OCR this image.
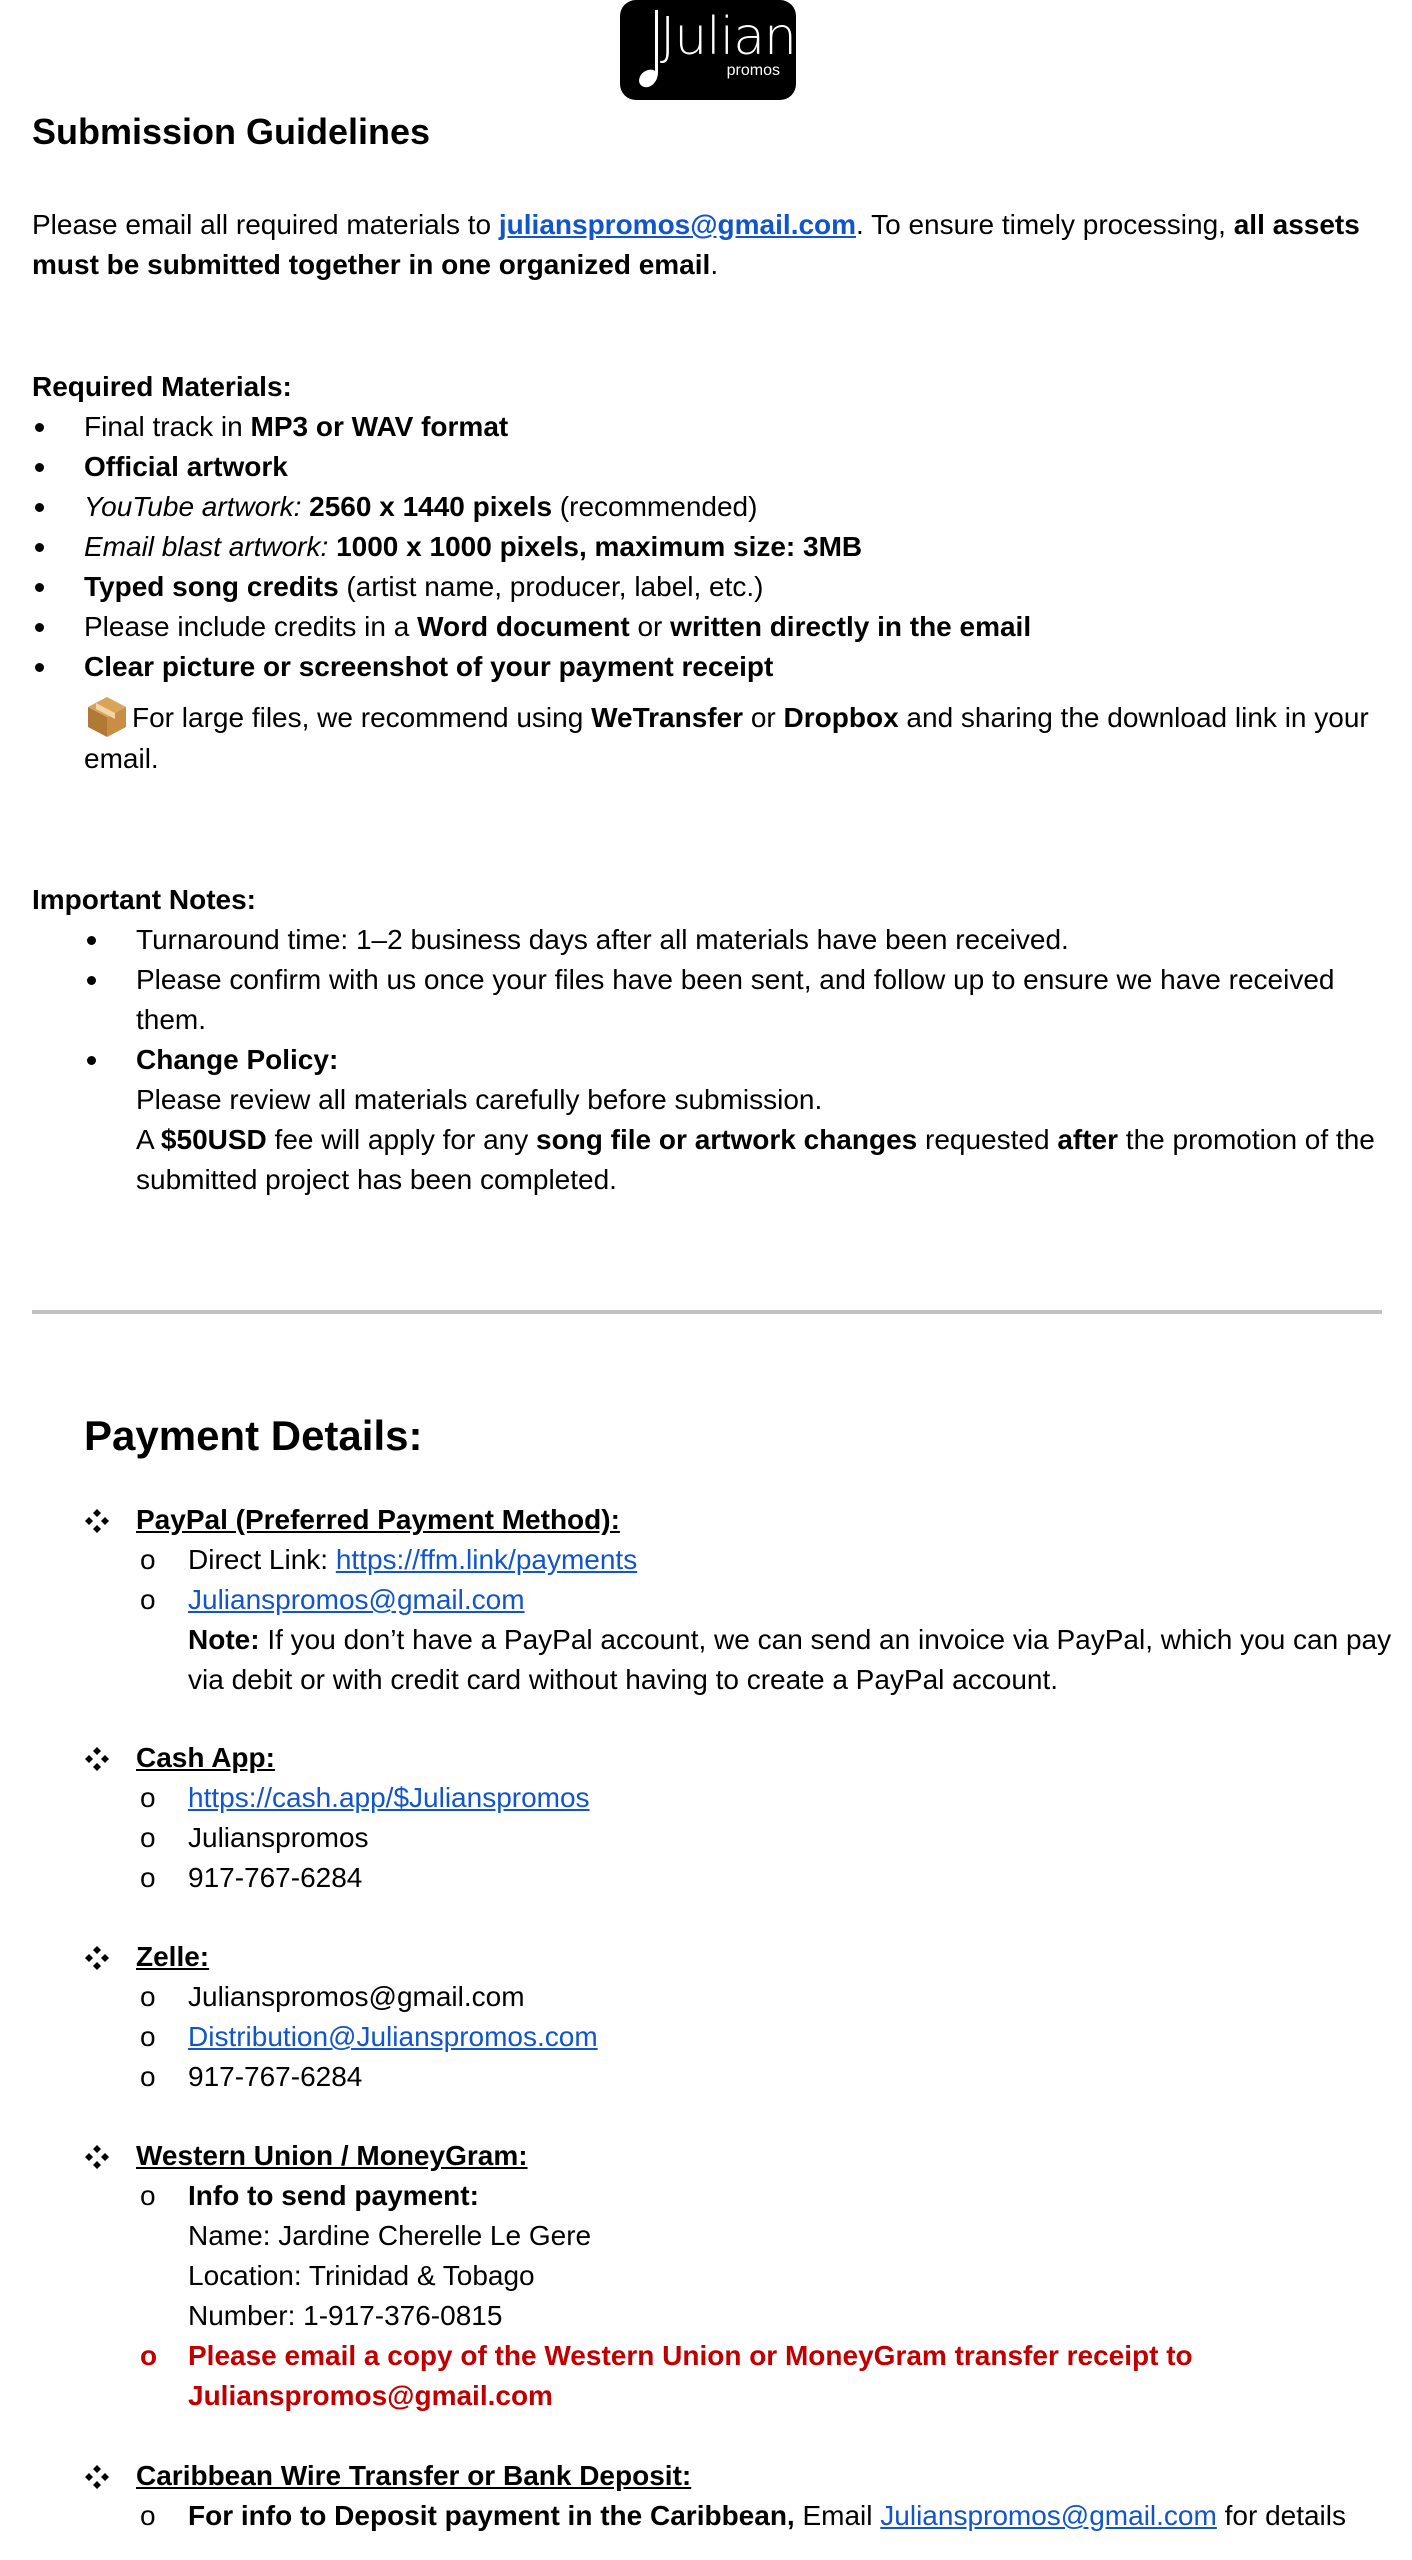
Julians
promos
Submission Guidelines
Please email all required materials to julianspromos@gmail.com. To ensure timely processing, all assets must be submitted together in one organized email.
Required Materials:
Final track in MP3 or WAV format
Official artwork
YouTube artwork: 2560 x 1440 pixels (recommended)
Email blast artwork: 1000 x 1000 pixels, maximum size: 3MB
Typed song credits (artist name, producer, label, etc.)
Please include credits in a Word document or written directly in the email
Clear picture or screenshot of your payment receipt
For large files, we recommend using WeTransfer or Dropbox and sharing the download link in your email.
Important Notes:
Turnaround time: 1–2 business days after all materials have been received.
Please confirm with us once your files have been sent, and follow up to ensure we have received them.
Change Policy:
Please review all materials carefully before submission.
A $50USD fee will apply for any song file or artwork changes requested after the promotion of the submitted project has been completed.
Payment Details:
PayPal (Preferred Payment Method):
o Direct Link: https://ffm.link/payments
o Julianspromos@gmail.com
Note: If you don’t have a PayPal account, we can send an invoice via PayPal, which you can pay via debit or with credit card without having to create a PayPal account.
Cash App:
o https://cash.app/$Julianspromos
o Julianspromos
o 917-767-6284
Zelle:
o Julianspromos@gmail.com
o Distribution@Julianspromos.com
o 917-767-6284
Western Union / MoneyGram:
o Info to send payment:
Name: Jardine Cherelle Le Gere
Location: Trinidad & Tobago
Number: 1-917-376-0815
o Please email a copy of the Western Union or MoneyGram transfer receipt to Julianspromos@gmail.com
Caribbean Wire Transfer or Bank Deposit:
o For info to Deposit payment in the Caribbean, Email Julianspromos@gmail.com for details
